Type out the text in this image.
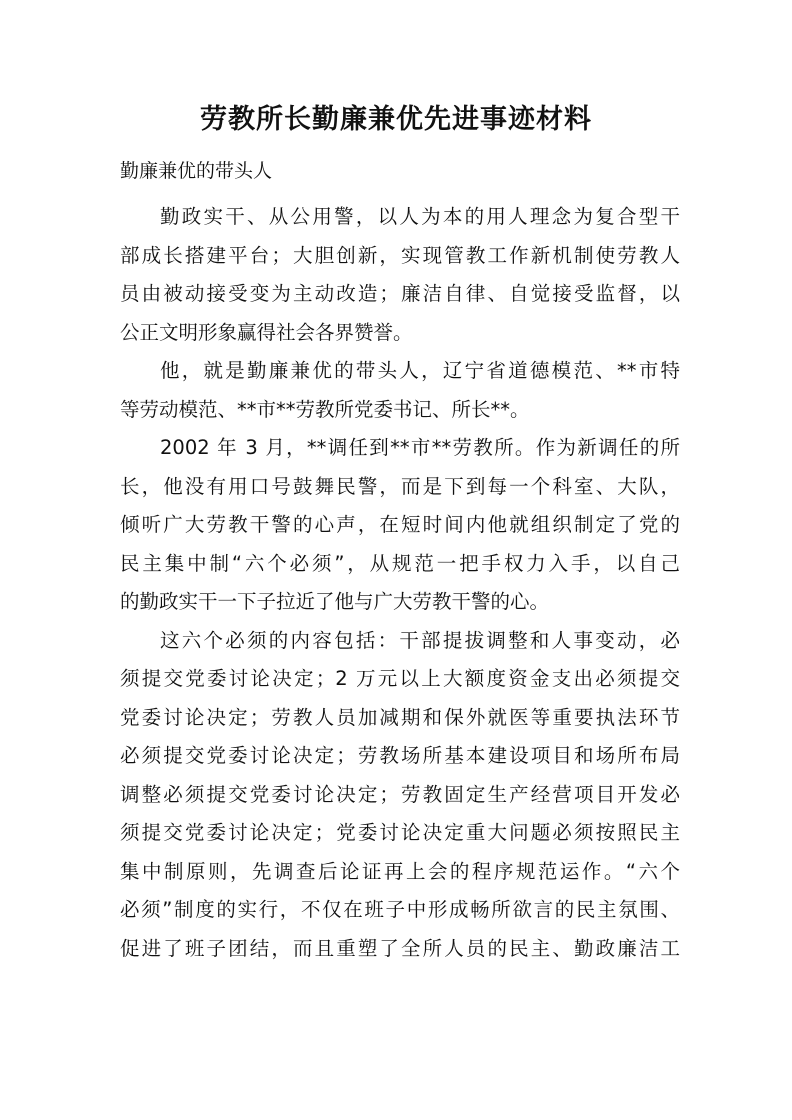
劳教所长勤廉兼优先进事迹材料

勤廉兼优的带头人

勤政实干、从公用警，以人为本的用人理念为复合型干
部成长搭建平台；大胆创新，实现管教工作新机制使劳教人
员由被动接受变为主动改造；廉洁自律、自觉接受监督，以
公正文明形象赢得社会各界赞誉。
他，就是勤廉兼优的带头人，辽宁省道德模范、**市特
等劳动模范、**市**劳教所党委书记、所长**。
2002 年 3 月，**调任到**市**劳教所。作为新调任的所
长，他没有用口号鼓舞民警，而是下到每一个科室、大队，
倾听广大劳教干警的心声，在短时间内他就组织制定了党的
民主集中制“六个必须”，从规范一把手权力入手，以自己
的勤政实干一下子拉近了他与广大劳教干警的心。
这六个必须的内容包括：干部提拔调整和人事变动，必
须提交党委讨论决定；2 万元以上大额度资金支出必须提交
党委讨论决定；劳教人员加减期和保外就医等重要执法环节
必须提交党委讨论决定；劳教场所基本建设项目和场所布局
调整必须提交党委讨论决定；劳教固定生产经营项目开发必
须提交党委讨论决定；党委讨论决定重大问题必须按照民主
集中制原则，先调查后论证再上会的程序规范运作。“六个
必须”制度的实行，不仅在班子中形成畅所欲言的民主氛围、
促进了班子团结，而且重塑了全所人员的民主、勤政廉洁工
